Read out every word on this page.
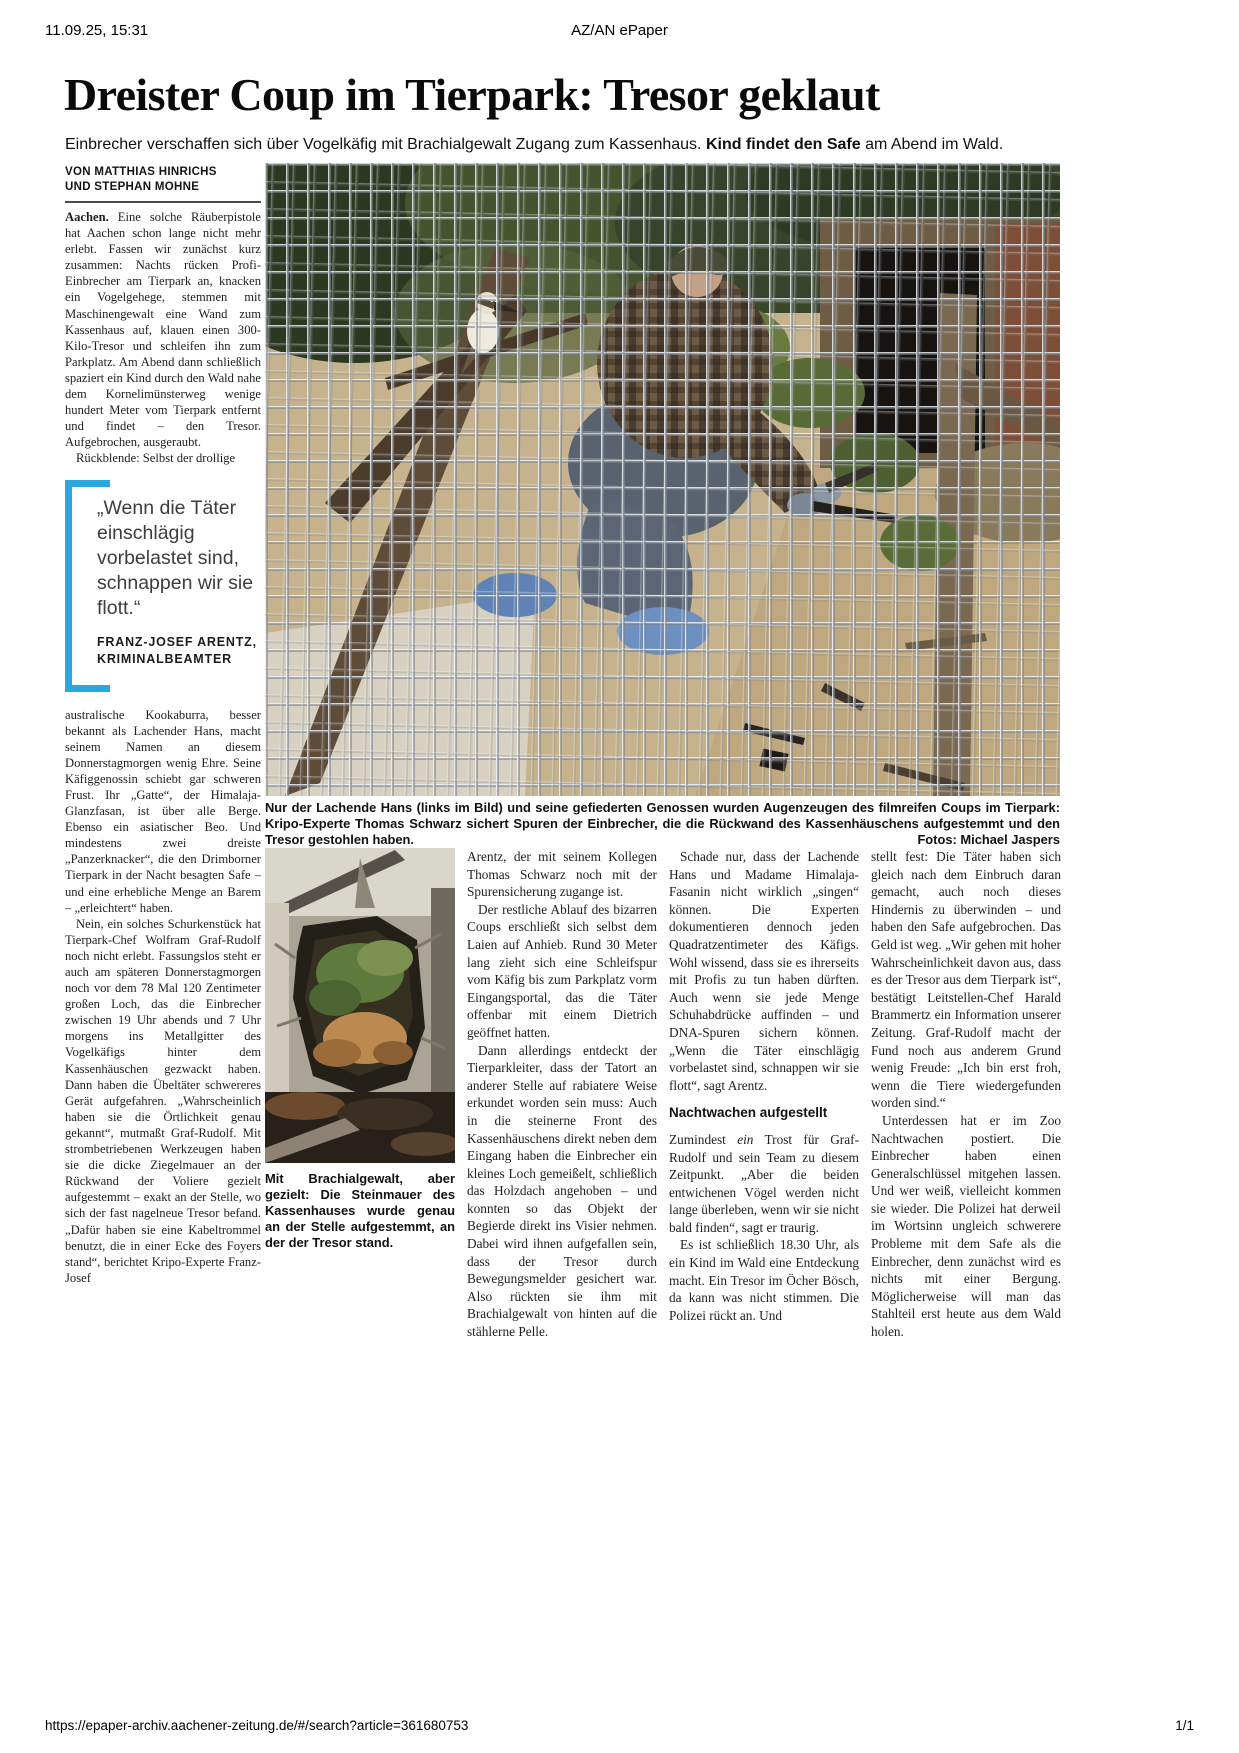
11.09.25, 15:31	AZ/AN ePaper
Dreister Coup im Tierpark: Tresor geklaut
Einbrecher verschaffen sich über Vogelkäfig mit Brachialgewalt Zugang zum Kassenhaus. Kind findet den Safe am Abend im Wald.
VON MATTHIAS HINRICHS
UND STEPHAN MOHNE

Aachen. Eine solche Räuberpistole hat Aachen schon lange nicht mehr erlebt. Fassen wir zunächst kurz zusammen: Nachts rücken Profi-Einbrecher am Tierpark an, knacken ein Vogelgehege, stemmen mit Maschinengewalt eine Wand zum Kassenhaus auf, klauen einen 300-Kilo-Tresor und schleifen ihn zum Parkplatz. Am Abend dann schließlich spaziert ein Kind durch den Wald nahe dem Kornelimünsterweg wenige hundert Meter vom Tierpark entfernt und findet – den Tresor. Aufgebrochen, ausgeraubt.

Rückblende: Selbst der drollige

„Wenn die Täter einschlägig vorbelastet sind, schnappen wir sie flott.“
FRANZ-JOSEF ARENTZ,
KRIMINALBEAMTER

australische Kookaburra, besser bekannt als Lachender Hans, macht seinem Namen an diesem Donnerstagmorgen wenig Ehre. Seine Käfiggenossin schiebt gar schweren Frust. Ihr „Gatte“, der Himalaja-Glanzfasan, ist über alle Berge. Ebenso ein asiatischer Beo. Und mindestens zwei dreiste „Panzerknacker“, die den Drimborner Tierpark in der Nacht besagten Safe – und eine erhebliche Menge an Barem – „erleichtert“ haben.

Nein, ein solches Schurkenstück hat Tierpark-Chef Wolfram Graf-Rudolf noch nicht erlebt. Fassungslos steht er auch am späteren Donnerstagmorgen noch vor dem 78 Mal 120 Zentimeter großen Loch, das die Einbrecher zwischen 19 Uhr abends und 7 Uhr morgens ins Metallgitter des Vogelkäfigs hinter dem Kassenhäuschen gezwackt haben. Dann haben die Übeltäter schwereres Gerät aufgefahren. „Wahrscheinlich haben sie die Örtlichkeit genau gekannt“, mutmaßt Graf-Rudolf. Mit strombetriebenen Werkzeugen haben sie die dicke Ziegelmauer an der Rückwand der Voliere gezielt aufgestemmt – exakt an der Stelle, wo sich der fast nagelneue Tresor befand. „Dafür haben sie eine Kabeltrommel benutzt, die in einer Ecke des Foyers stand“, berichtet Kripo-Experte Franz-Josef

Nur der Lachende Hans (links im Bild) und seine gefiederten Genossen wurden Augenzeugen des filmreifen Coups im Tierpark: Kripo-Experte Thomas Schwarz sichert Spuren der Einbrecher, die die Rückwand des Kassenhäuschens aufgestemmt und den Tresor gestohlen haben.	Fotos: Michael Jaspers
Mit Brachialgewalt, aber gezielt: Die Steinmauer des Kassenhauses wurde genau an der Stelle aufgestemmt, an der der Tresor stand.

Arentz, der mit seinem Kollegen Thomas Schwarz noch mit der Spurensicherung zugange ist.

Der restliche Ablauf des bizarren Coups erschließt sich selbst dem Laien auf Anhieb. Rund 30 Meter lang zieht sich eine Schleifspur vom Käfig bis zum Parkplatz vorm Eingangsportal, das die Täter offenbar mit einem Dietrich geöffnet hatten.

Dann allerdings entdeckt der Tierparkleiter, dass der Tatort an anderer Stelle auf rabiatere Weise erkundet worden sein muss: Auch in die steinerne Front des Kassenhäuschens direkt neben dem Eingang haben die Einbrecher ein kleines Loch gemeißelt, schließlich das Holzdach angehoben – und konnten so das Objekt der Begierde direkt ins Visier nehmen. Dabei wird ihnen aufgefallen sein, dass der Tresor durch Bewegungsmelder gesichert war. Also rückten sie ihm mit Brachialgewalt von hinten auf die stählerne Pelle.

Schade nur, dass der Lachende Hans und Madame Himalaja-Fasanin nicht wirklich „singen“ können. Die Experten dokumentieren dennoch jeden Quadratzentimeter des Käfigs. Wohl wissend, dass sie es ihrerseits mit Profis zu tun haben dürften. Auch wenn sie jede Menge Schuhabdrücke auffinden – und DNA-Spuren sichern können. „Wenn die Täter einschlägig vorbelastet sind, schnappen wir sie flott“, sagt Arentz.

Nachtwachen aufgestellt

Zumindest ein Trost für Graf-Rudolf und sein Team zu diesem Zeitpunkt. „Aber die beiden entwichenen Vögel werden nicht lange überleben, wenn wir sie nicht bald finden“, sagt er traurig.

Es ist schließlich 18.30 Uhr, als ein Kind im Wald eine Entdeckung macht. Ein Tresor im Öcher Bösch, da kann was nicht stimmen. Die Polizei rückt an. Und

stellt fest: Die Täter haben sich gleich nach dem Einbruch daran gemacht, auch noch dieses Hindernis zu überwinden – und haben den Safe aufgebrochen. Das Geld ist weg. „Wir gehen mit hoher Wahrscheinlichkeit davon aus, dass es der Tresor aus dem Tierpark ist“, bestätigt Leitstellen-Chef Harald Brammertz ein Information unserer Zeitung. Graf-Rudolf macht der Fund noch aus anderem Grund wenig Freude: „Ich bin erst froh, wenn die Tiere wiedergefunden worden sind.“

Unterdessen hat er im Zoo Nachtwachen postiert. Die Einbrecher haben einen Generalschlüssel mitgehen lassen. Und wer weiß, vielleicht kommen sie wieder. Die Polizei hat derweil im Wortsinn ungleich schwerere Probleme mit dem Safe als die Einbrecher, denn zunächst wird es nichts mit einer Bergung. Möglicherweise will man das Stahlteil erst heute aus dem Wald holen.

https://epaper-archiv.aachener-zeitung.de/#/search?article=361680753	1/1
